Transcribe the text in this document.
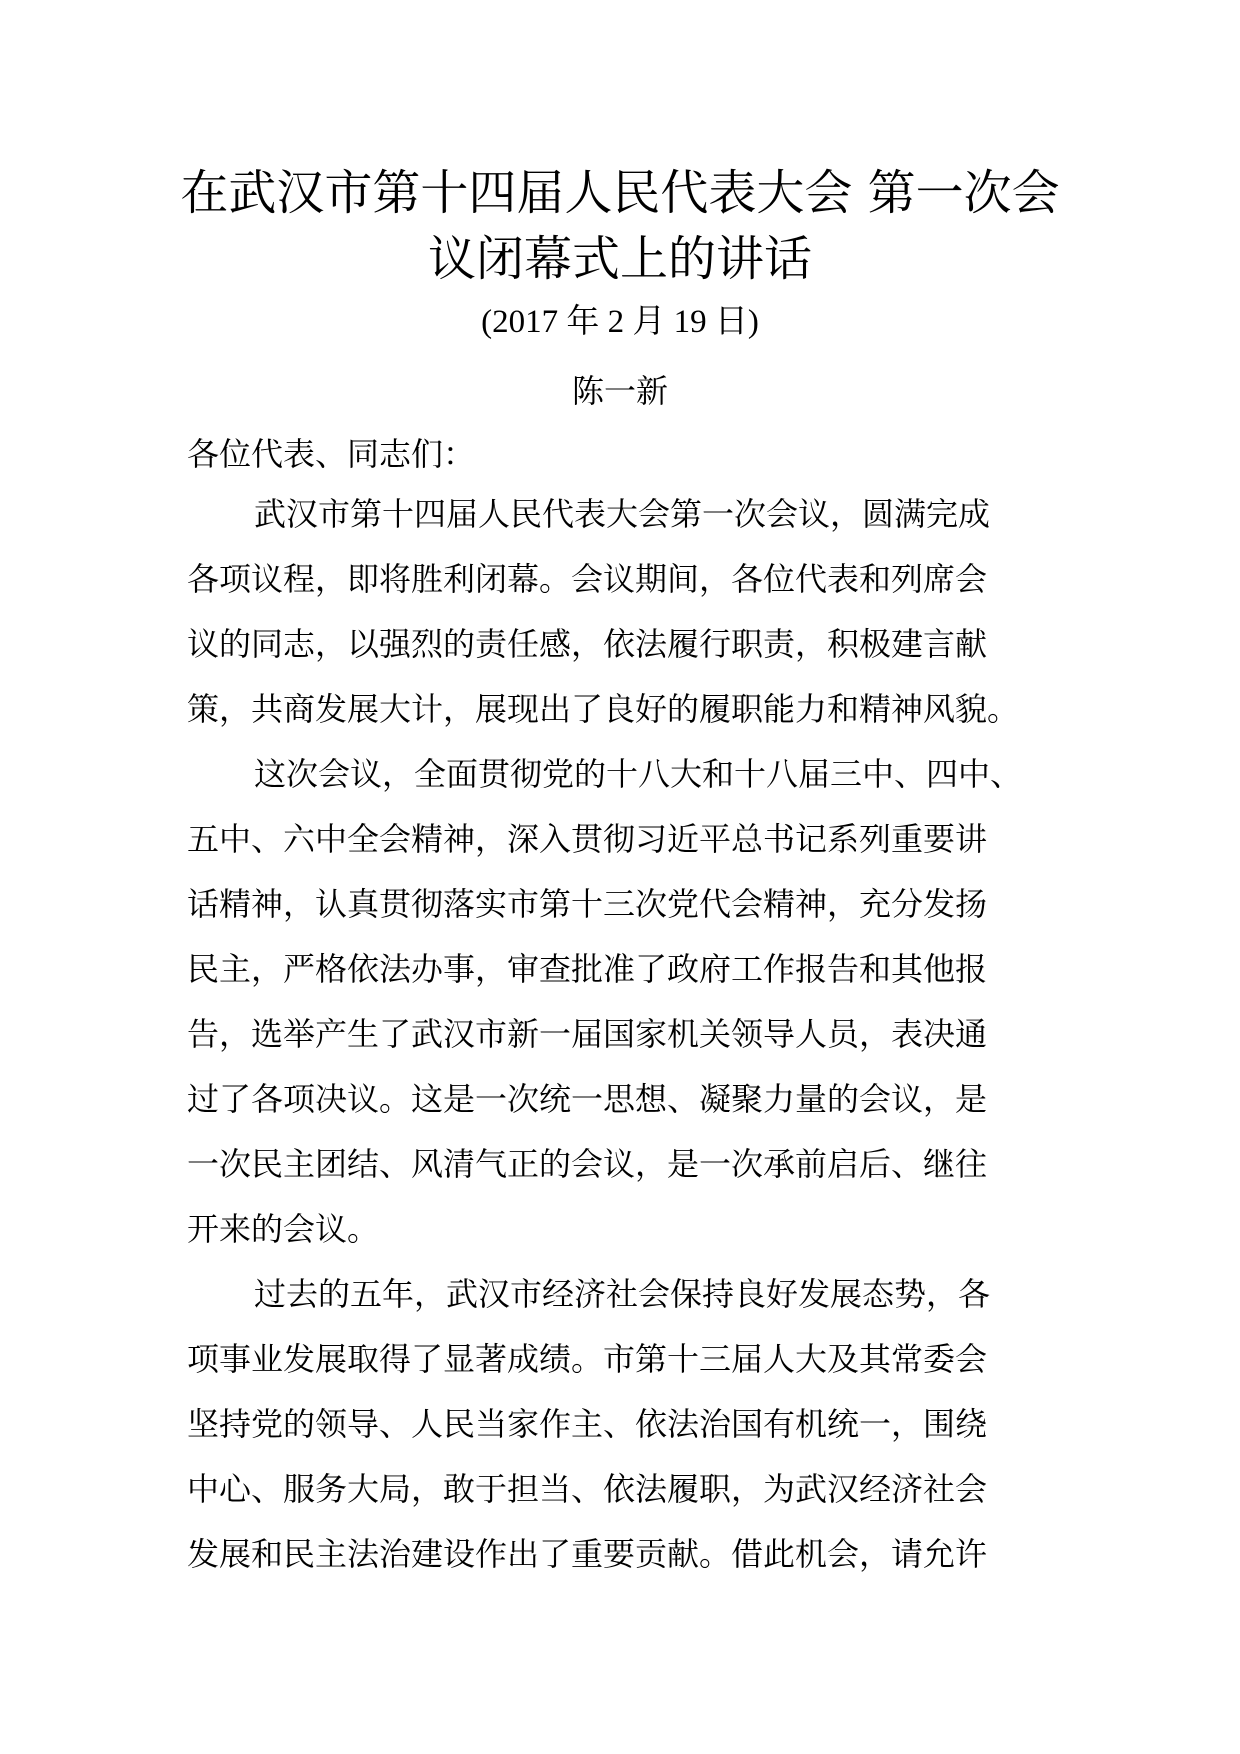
在武汉市第十四届人民代表大会 第一次会
议闭幕式上的讲话
(2017 年 2 月 19 日)
陈一新
各位代表、同志们：
武汉市第十四届人民代表大会第一次会议，圆满完成
各项议程，即将胜利闭幕。会议期间，各位代表和列席会
议的同志，以强烈的责任感，依法履行职责，积极建言献
策，共商发展大计，展现出了良好的履职能力和精神风貌。
这次会议，全面贯彻党的十八大和十八届三中、四中、
五中、六中全会精神，深入贯彻习近平总书记系列重要讲
话精神，认真贯彻落实市第十三次党代会精神，充分发扬
民主，严格依法办事，审查批准了政府工作报告和其他报
告，选举产生了武汉市新一届国家机关领导人员，表决通
过了各项决议。这是一次统一思想、凝聚力量的会议，是
一次民主团结、风清气正的会议，是一次承前启后、继往
开来的会议。
过去的五年，武汉市经济社会保持良好发展态势，各
项事业发展取得了显著成绩。市第十三届人大及其常委会
坚持党的领导、人民当家作主、依法治国有机统一，围绕
中心、服务大局，敢于担当、依法履职，为武汉经济社会
发展和民主法治建设作出了重要贡献。借此机会，请允许
